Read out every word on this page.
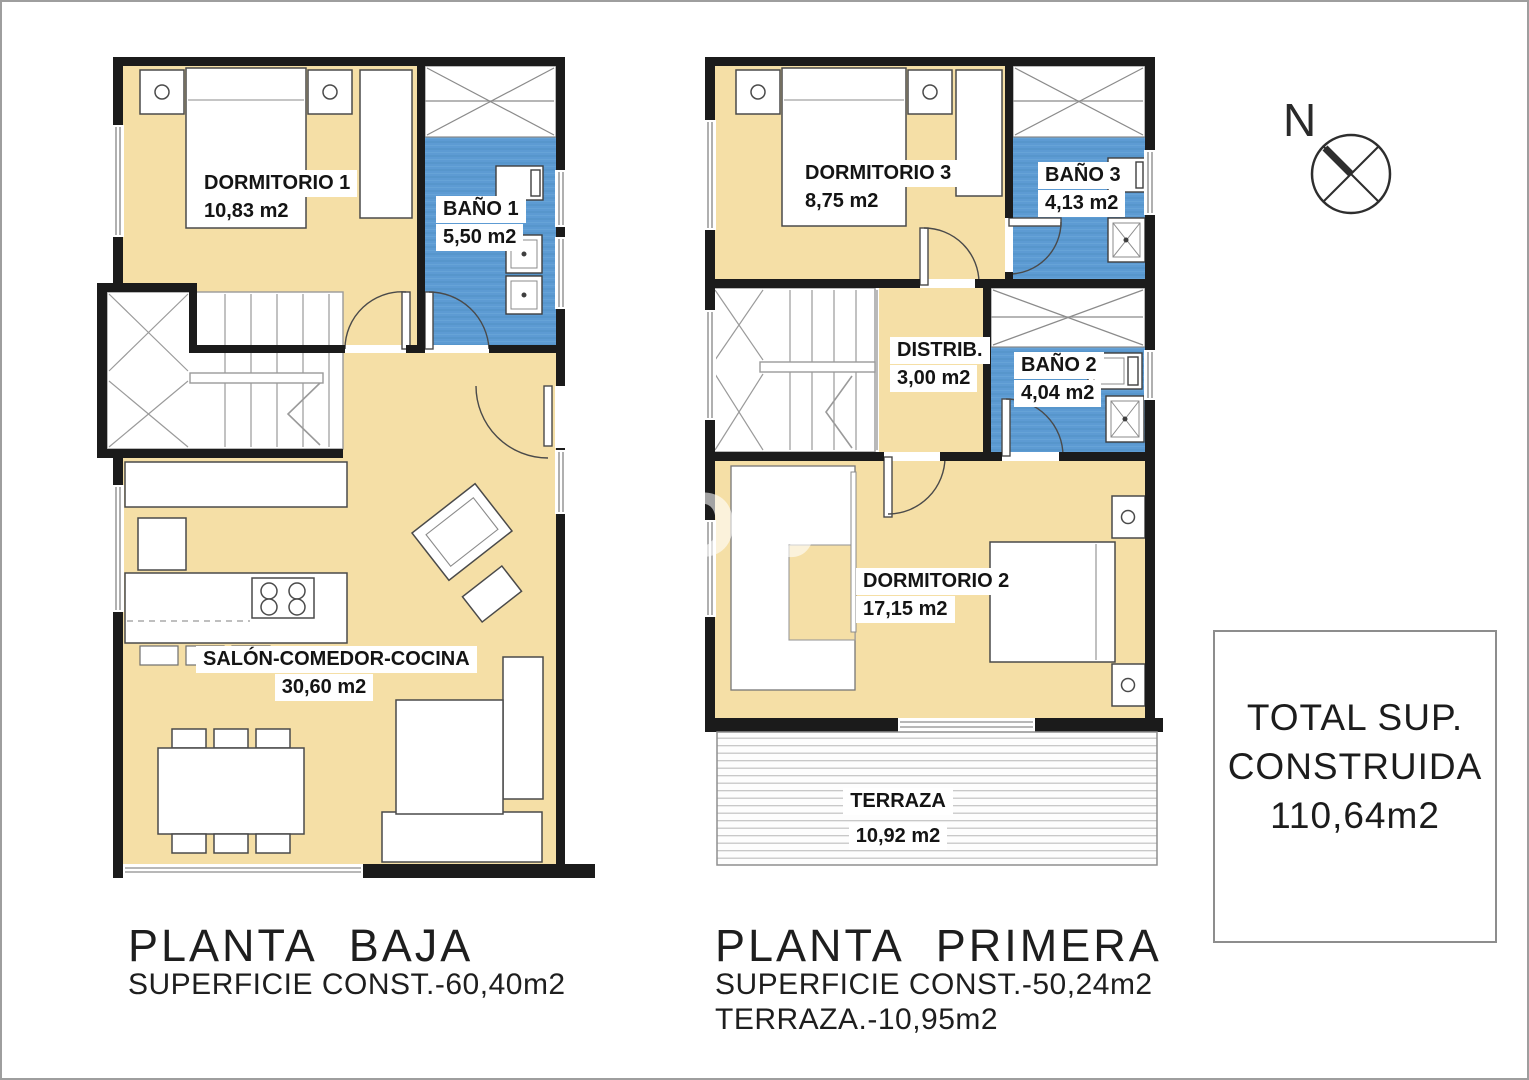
N
Top
DORMITORIO 1
10,83 m2	BAÑO 1
5,50 m2
SALÓN-COMEDOR-COCINA
30,60 m2
DORMITORIO 3
8,75 m2
BAÑO 3
4,13 m2
DISTRIB.
3,00 m2
BAÑO 2
4,04 m2
DORMITORIO 2
17,15 m2
TERRAZA
10,92 m2
PLANTA BAJA
SUPERFICIE CONST.-60,40m2
PLANTA PRIMERA
SUPERFICIE CONST.-50,24m2
TERRAZA.-10,95m2
TOTAL SUP.
CONSTRUIDA
110,64m2
